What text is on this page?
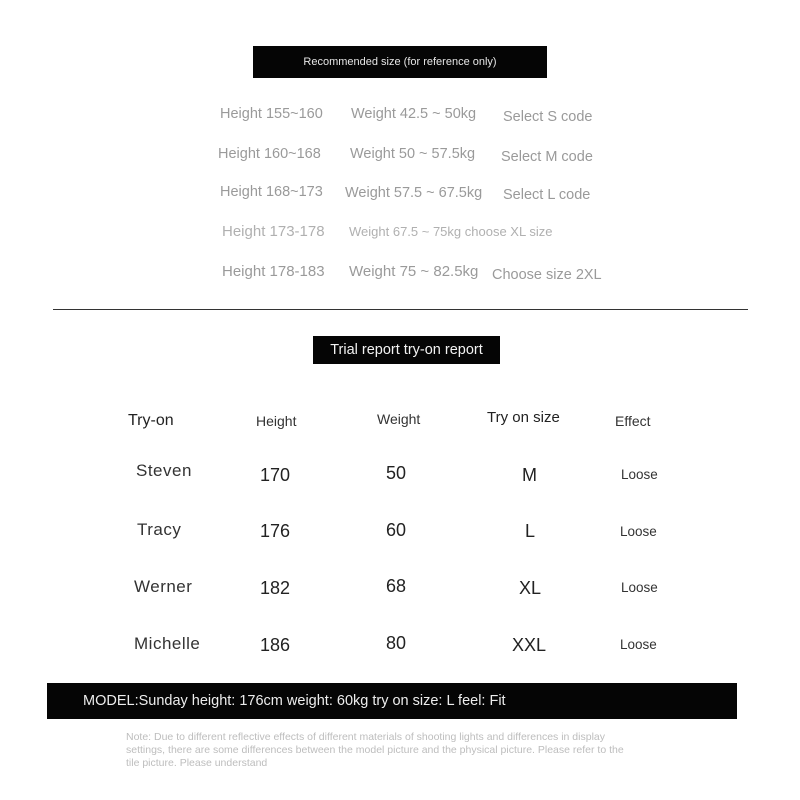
Recommended size (for reference only)
Height 155~160 Weight 42.5 ~ 50kg Select S code
Height 160~168 Weight 50 ~ 57.5kg Select M code
Height 168~173 Weight 57.5 ~ 67.5kg Select L code
Height 173-178 Weight 67.5 ~ 75kg choose XL size
Height 178-183 Weight 75 ~ 82.5kg Choose size 2XL
Trial report try-on report
Try-on	Height	Weight	Try on size	Effect
Steven	170	50	M	Loose
Tracy	176	60	L	Loose
Werner	182	68	XL	Loose
Michelle	186	80	XXL	Loose
MODEL:Sunday height: 176cm weight: 60kg try on size: L feel: Fit
Note: Due to different reflective effects of different materials of shooting lights and differences in display settings, there are some differences between the model picture and the physical picture. Please refer to the tile picture. Please understand
